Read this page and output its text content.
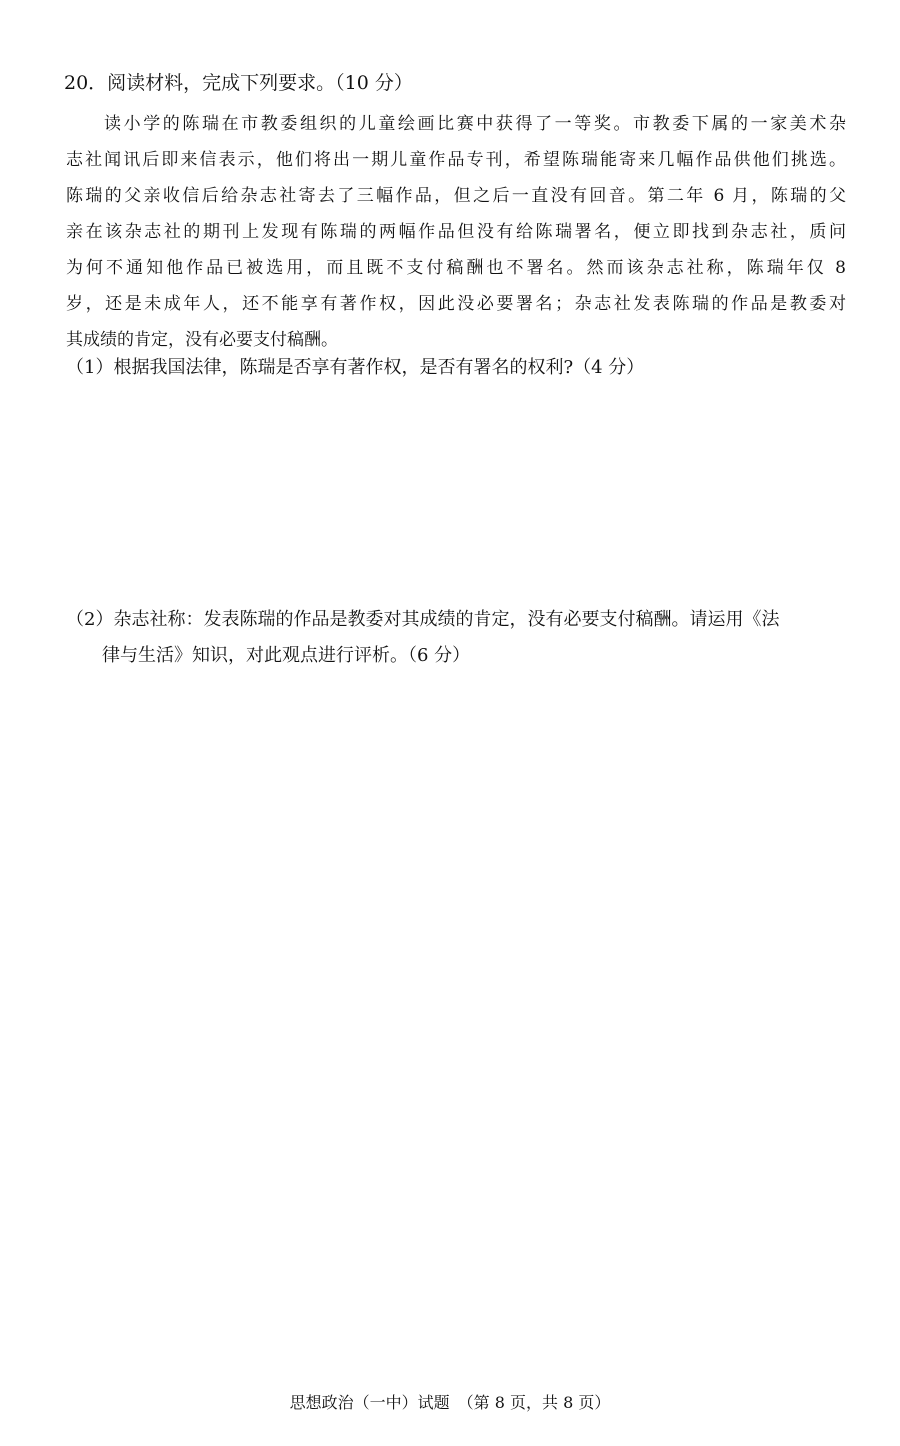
20．阅读材料，完成下列要求。（10 分）
读小学的陈瑞在市教委组织的儿童绘画比赛中获得了一等奖。市教委下属的一家美术杂
志社闻讯后即来信表示，他们将出一期儿童作品专刊，希望陈瑞能寄来几幅作品供他们挑选。
陈瑞的父亲收信后给杂志社寄去了三幅作品，但之后一直没有回音。第二年 6 月，陈瑞的父
亲在该杂志社的期刊上发现有陈瑞的两幅作品但没有给陈瑞署名，便立即找到杂志社，质问
为何不通知他作品已被选用，而且既不支付稿酬也不署名。然而该杂志社称，陈瑞年仅 8
岁，还是未成年人，还不能享有著作权，因此没必要署名；杂志社发表陈瑞的作品是教委对
其成绩的肯定，没有必要支付稿酬。
（1）根据我国法律，陈瑞是否享有著作权，是否有署名的权利?（4 分）
（2）杂志社称：发表陈瑞的作品是教委对其成绩的肯定，没有必要支付稿酬。请运用《法
律与生活》知识，对此观点进行评析。（6 分）
思想政治（一中）试题　（第 8 页，共 8 页）
